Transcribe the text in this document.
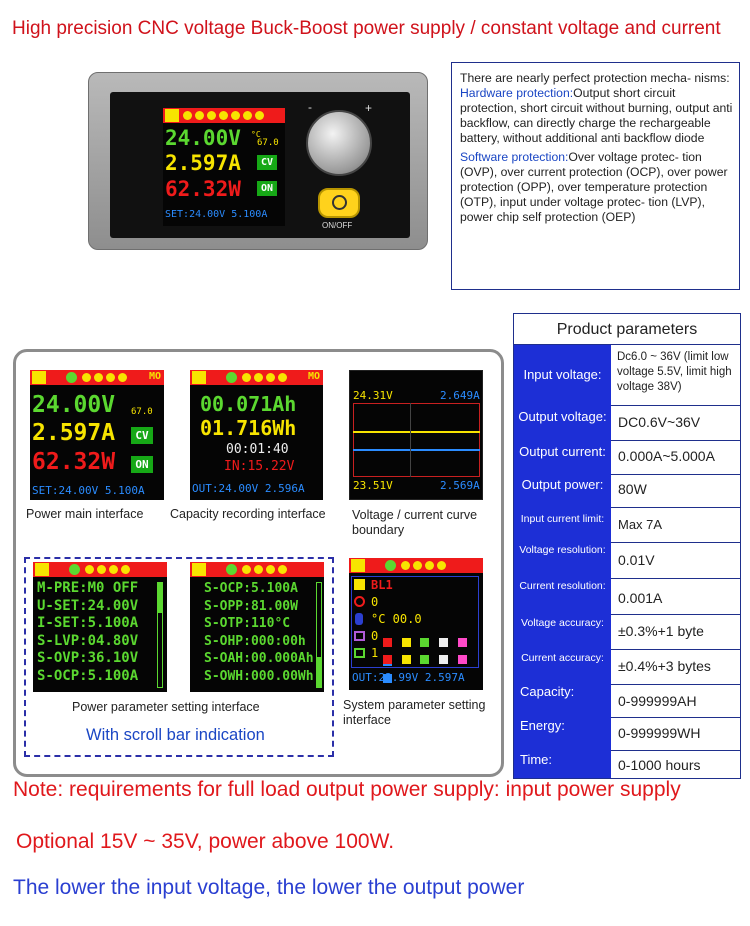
High precision CNC voltage Buck-Boost power supply / constant voltage and current
24.00V
2.597A
62.32W
°C
67.0
CV
ON
SET:24.00V 5.100A
-	+
ON/OFF

There are nearly perfect protection mecha- nisms:

Hardware protection:Output short circuit protection, short circuit without burning, output anti backflow, can directly charge the rechargeable battery, without additional anti backflow diode

Software protection:Over voltage protec- tion (OVP), over current protection (OCP), over power protection (OPP), over temperature protection (OTP), input under voltage protec- tion (LVP), power chip self protection (OEP)

MO
24.00V
2.597A
62.32W
67.0
CV
ON
SET:24.00V 5.100A
Power main interface
MO
00.071Ah
01.716Wh
00:01:40
IN:15.22V
OUT:24.00V 2.596A
Capacity recording interface
24.31V	2.649A
23.51V	2.569A
Voltage / current curve boundary
M-PRE:M0 OFF
U-SET:24.00V
I-SET:5.100A
S-LVP:04.80V
S-OVP:36.10V
S-OCP:5.100A
S-OCP:5.100A
S-OPP:81.00W
S-OTP:110°C
S-OHP:000:00h
S-OAH:00.000Ah
S-OWH:000.00Wh
Power parameter setting interface
With scroll bar indication
BL1
0
°C 00.0
0

1

OUT:23.99V 2.597A
System parameter setting interface
Product parameters
Input voltage:
Dc6.0 ~ 36V (limit low voltage 5.5V, limit high voltage 38V)
Output voltage: DC0.6V~36V
Output current: 0.000A~5.000A
Output power:	80W
Input current limit:	Max 7A
Voltage resolution:
0.01V
Current resolution:
0.001A
Voltage accuracy:	±0.3%+1 byte
Current accuracy:	±0.4%+3 bytes
Capacity:
0-999999AH
Energy:	0-999999WH
Time:	0-1000 hours
Note: requirements for full load output power supply: input power supply
Optional 15V ~ 35V, power above 100W.
The lower the input voltage, the lower the output power
